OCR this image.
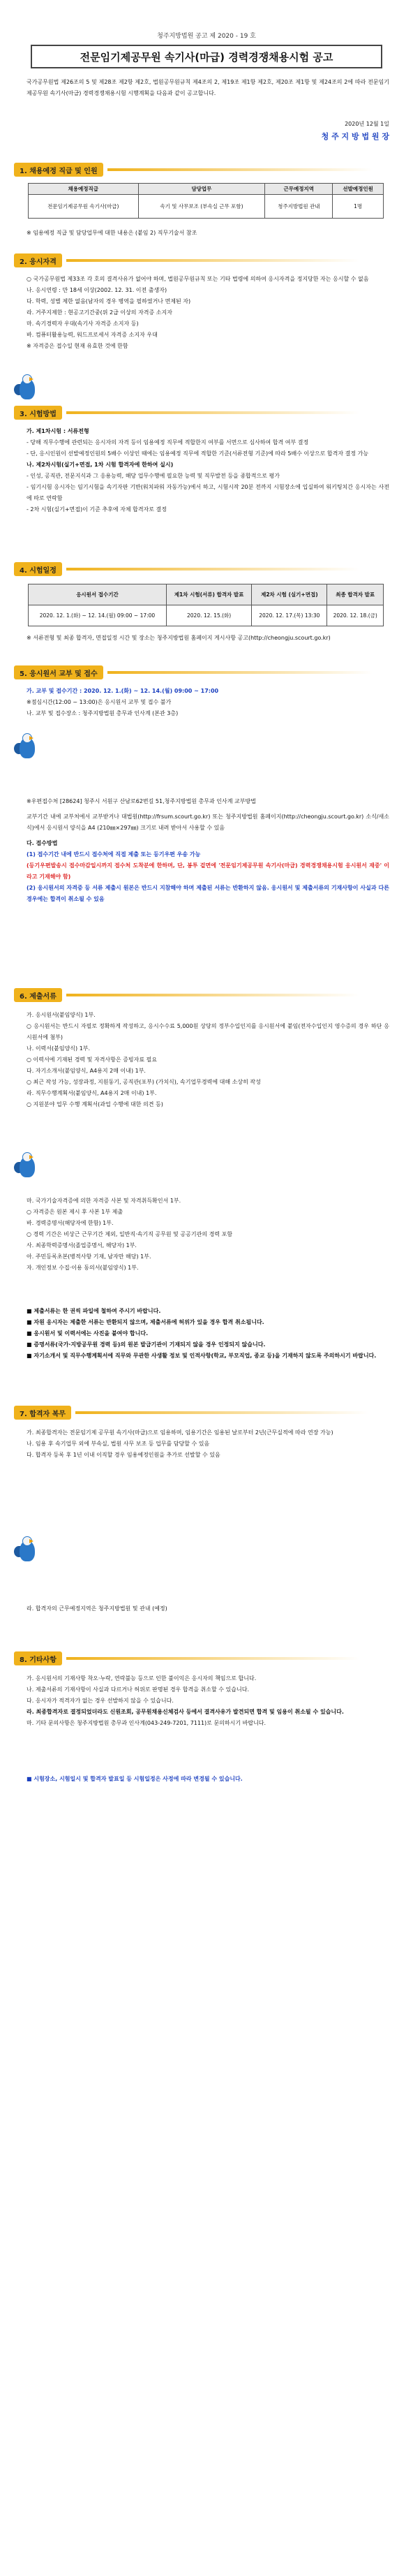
청주지방법원 공고 제 2020 - 19 호
전문임기제공무원 속기사(마급) 경력경쟁채용시험 공고
국가공무원법 제26조의 5 및 제28조 제2항 제2호, 법원공무원규칙 제4조의 2, 제19조 제1항 제2호, 제20조 제1항 및 제24조의 2에 따라 전문임기제공무원 속기사(마급) 경력경쟁채용시험 시행계획을 다음과 같이 공고합니다.
2020년 12월 1일
청 주 지 방 법 원 장
1. 채용예정 직급 및 인원
채용예정직급	담당업무	근무예정지역	선발예정인원
전문임기제공무원 속기사(마급)	속기 및 사무보조 (부속실 근무 포함)	청주지방법원 관내	1명
※ 임용예정 직급 및 담당업무에 대한 내용은 (붙임 2) 직무기술서 참조
2. 응시자격
○ 국가공무원법 제33조 각 호의 결격사유가 없어야 하며, 법원공무원규칙 또는 기타 법령에 의하여 응시자격을 정지당한 자는 응시할 수 없음
나. 응시연령 : 만 18세 이상(2002. 12. 31. 이전 출생자)
다. 학력, 성별 제한 없음(남자의 경우 병역을 필하였거나 면제된 자)
라. 거주지제한 : 현공고기간중(위 2급 이상의 자격증 소지자
마. 속기경력자 우대(속기사 자격증 소지자 등)
바. 컴퓨터활용능력, 워드프로세서 자격증 소지자 우대
※ 자격증은 접수일 현재 유효한 것에 한함
3. 시험방법
가. 제1차시험 : 서류전형
- 당해 직무수행에 관련되는 응시자의 자격 등이 임용예정 직무에 적합한지 여부를 서면으로 심사하여 합격 여부 결정
- 단, 응시인원이 선발예정인원의 5배수 이상인 때에는 임용예정 직무에 적합한 기준(서류전형 기준)에 따라 5배수 이상으로 합격자 결정 가능
나. 제2차시험(실기+면접, 1차 시험 합격자에 한하여 실시)
- 인성, 공직관, 전문지식과 그 응용능력, 해당 업무수행에 필요한 능력 및 직무발전 등을 종합적으로 평가
- 임기시험 응시자는 임기시험을 속기자판 기반(워치파워 자동가능)에서 하고, 시험시작 20분 전까지 시험장소에 입실하여 워키팅치간 응시자는 사전에 따로 연락함
- 2차 시험(실기+면접)이 기준 추후에 자체 합격자로 결정
4. 시험일정
응시원서 접수기간	제1차 시험(서류) 합격자 발표	제2차 시험 (실기+면접)	최종 합격자 발표
2020. 12. 1.(화) ~ 12. 14.(월) 09:00 ~ 17:00	2020. 12. 15.(화)	2020. 12. 17.(목) 13:30	2020. 12. 18.(금)
※ 서류전형 및 최종 합격자, 면접일정 시간 및 장소는 청주지방법원 홈페이지 게시사항 공고(http://cheongju.scourt.go.kr)
5. 응시원서 교부 및 접수
가. 교부 및 접수기간 : 2020. 12. 1.(화) ~ 12. 14.(월) 09:00 ~ 17:00
※점심시간(12:00 ~ 13:00)은 응시원서 교부 및 접수 불가
나. 교부 및 접수장소 : 청주지방법원 총무과 인사계 (본관 3층)
※우편접수처 [28624] 청주시 서원구 산남로62번길 51,청주지방법원 총무과 인사계 교부방법
교부기간 내에 교부처에서 교부받거나 대법원(http://frsum.scourt.go.kr) 또는 청주지방법원 홈페이지(http://cheongju.scourt.go.kr) 소식/새소식)에서 응시원서 양식을 A4 (210㎜×297㎜) 크기로 내려 받아서 사용할 수 있음
다. 접수방법
(1) 접수기간 내에 반드시 접수처에 직접 제출 또는 등기우편 우송 가능
(등기우편발송시 접수마감일시까지 접수처 도착분에 한하며, 단, 봉투 겉면에 '전문임기제공무원 속기사(마급) 경력경쟁채용시험 응시원서 재중' 이라고 기재해야 함)
(2) 응시원서의 자격증 등 서류 제출시 원본은 반드시 지참해야 하며 제출된 서류는 반환하지 않음. 응시원서 및 제출서류의 기재사항이 사실과 다른 경우에는 합격이 취소될 수 있음
6. 제출서류
가. 응시원서(붙임양식) 1부.
○ 응시원서는 반드시 자필로 정확하게 작성하고, 응시수수료 5,000원 상당의 정부수입인지를 응시원서에 붙임(전자수입인지 영수증의 경우 하단 응시원서에 첨부)
나. 이력서(붙임양식) 1부.
○ 이력서에 기재된 경력 및 자격사항은 증빙자료 필요
다. 자기소개서(붙임양식, A4용지 2매 이내) 1부.
○ 최근 작성 가능, 성장과정, 지원동기, 공직관(포부) (가치식), 속기업무경력에 대해 소상히 작성
라. 직무수행계획서(붙임양식, A4용지 2매 이내) 1부.
○ 지원분야 업무 수행 계획서(과업 수행에 대한 의견 등)
마. 국가기술자격증에 의한 자격증 사본 및 자격취득확인서 1부.
○ 자격증은 원본 제시 후 사본 1부 제출
바. 경력증명서(해당자에 한함) 1부.
○ 경력 기간은 비상근 근무기간 제외, 일반직·속기직 공무원 및 공공기관의 경력 포함
사. 최종학력증명서(졸업증명서, 해당자) 1부.
아. 주민등록초본(병적사항 기재, 남자만 해당) 1부.
자. 개인정보 수집·이용 동의서(붙임양식) 1부.
■ 제출서류는 한 권씩 파일에 철하여 주시기 바랍니다.
■ 자원 응시자는 제출한 서류는 반환되지 않으며, 제출서류에 허위가 있을 경우 합격 취소됩니다.
■ 응시원서 및 이력서에는 사진을 붙여야 합니다.
■ 증명서류(국가·지방공무원 경력 등)의 원본 발급기관이 기재되지 않을 경우 인정되지 않습니다.
■ 자기소개서 및 직무수행계획서에 직무와 무관한 사생활 정보 및 인적사항(학교, 부모직업, 종교 등)을 기재하지 않도록 주의하시기 바랍니다.
7. 합격자 복무
가. 최종합격자는 전문임기제 공무원 속기사(마급)으로 임용하며, 임용기간은 임용된 날로부터 2년(근무실적에 따라 연장 가능)
나. 임용 후 속기업무 외에 부속실, 법원 사무 보조 등 업무를 담당할 수 있음
다. 합격자 등록 후 1년 이내 이직할 경우 임용예정인원을 추가로 선발할 수 있음
라. 합격자의 근무예정지역은 청주지방법원 및 관내 (예정)
8. 기타사항
가. 응시원서의 기재사항 착오·누락, 연락불능 등으로 인한 불이익은 응시자의 책임으로 합니다.
나. 제출서류의 기재사항이 사실과 다르거나 허위로 판명된 경우 합격을 취소할 수 있습니다.
다. 응시자가 적격자가 없는 경우 선발하지 않을 수 있습니다.
라. 최종합격자로 결정되었더라도 신원조회, 공무원채용신체검사 등에서 결격사유가 발견되면 합격 및 임용이 취소될 수 있습니다.
마. 기타 문의사항은 청주지방법원 총무과 인사계(043-249-7201, 7111)로 문의하시기 바랍니다.
■ 시험장소, 시험일시 및 합격자 발표일 등 시험일정은 사정에 따라 변경될 수 있습니다.
